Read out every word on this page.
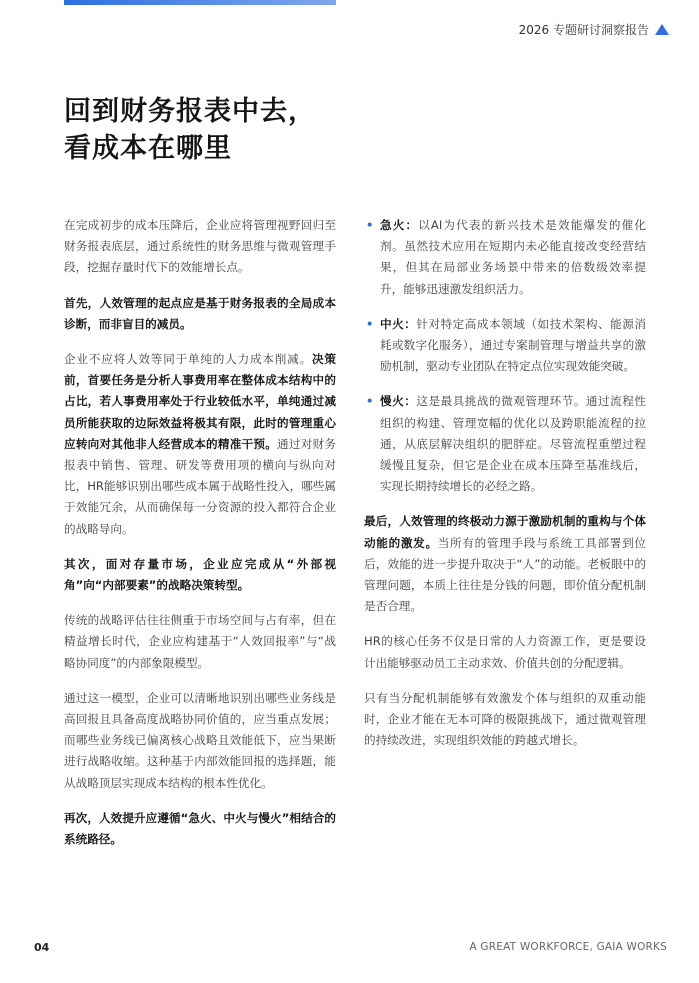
2026 专题研讨洞察报告
回到财务报表中去，
看成本在哪里

在完成初步的成本压降后，企业应将管理视野回归至财务报表底层，通过系统性的财务思维与微观管理手段，挖掘存量时代下的效能增长点。

首先，人效管理的起点应是基于财务报表的全局成本诊断，而非盲目的减员。

企业不应将人效等同于单纯的人力成本削减。决策前，首要任务是分析人事费用率在整体成本结构中的占比，若人事费用率处于行业较低水平，单纯通过减员所能获取的边际效益将极其有限，此时的管理重心应转向对其他非人经营成本的精准干预。通过对财务报表中销售、管理、研发等费用项的横向与纵向对比，HR能够识别出哪些成本属于战略性投入，哪些属于效能冗余，从而确保每一分资源的投入都符合企业的战略导向。

其次，面对存量市场，企业应完成从“外部视角”向“内部要素”的战略决策转型。

传统的战略评估往往侧重于市场空间与占有率，但在精益增长时代，企业应构建基于“人效回报率”与“战略协同度”的内部象限模型。

通过这一模型，企业可以清晰地识别出哪些业务线是高回报且具备高度战略协同价值的，应当重点发展；而哪些业务线已偏离核心战略且效能低下，应当果断进行战略收缩。这种基于内部效能回报的选择题，能从战略顶层实现成本结构的根本性优化。

再次，人效提升应遵循“急火、中火与慢火”相结合的系统路径。

• 急火：以AI为代表的新兴技术是效能爆发的催化剂。虽然技术应用在短期内未必能直接改变经营结果，但其在局部业务场景中带来的倍数级效率提升，能够迅速激发组织活力。
• 中火：针对特定高成本领域（如技术架构、能源消耗或数字化服务），通过专案制管理与增益共享的激励机制，驱动专业团队在特定点位实现效能突破。
• 慢火：这是最具挑战的微观管理环节。通过流程性组织的构建、管理宽幅的优化以及跨职能流程的拉通，从底层解决组织的肥胖症。尽管流程重塑过程缓慢且复杂，但它是企业在成本压降至基准线后，实现长期持续增长的必经之路。

最后，人效管理的终极动力源于激励机制的重构与个体动能的激发。当所有的管理手段与系统工具部署到位后，效能的进一步提升取决于“人”的动能。老板眼中的管理问题，本质上往往是分钱的问题，即价值分配机制是否合理。

HR的核心任务不仅是日常的人力资源工作，更是要设计出能够驱动员工主动求效、价值共创的分配逻辑。

只有当分配机制能够有效激发个体与组织的双重动能时，企业才能在无本可降的极限挑战下，通过微观管理的持续改进，实现组织效能的跨越式增长。

04	A GREAT WORKFORCE, GAIA WORKS
